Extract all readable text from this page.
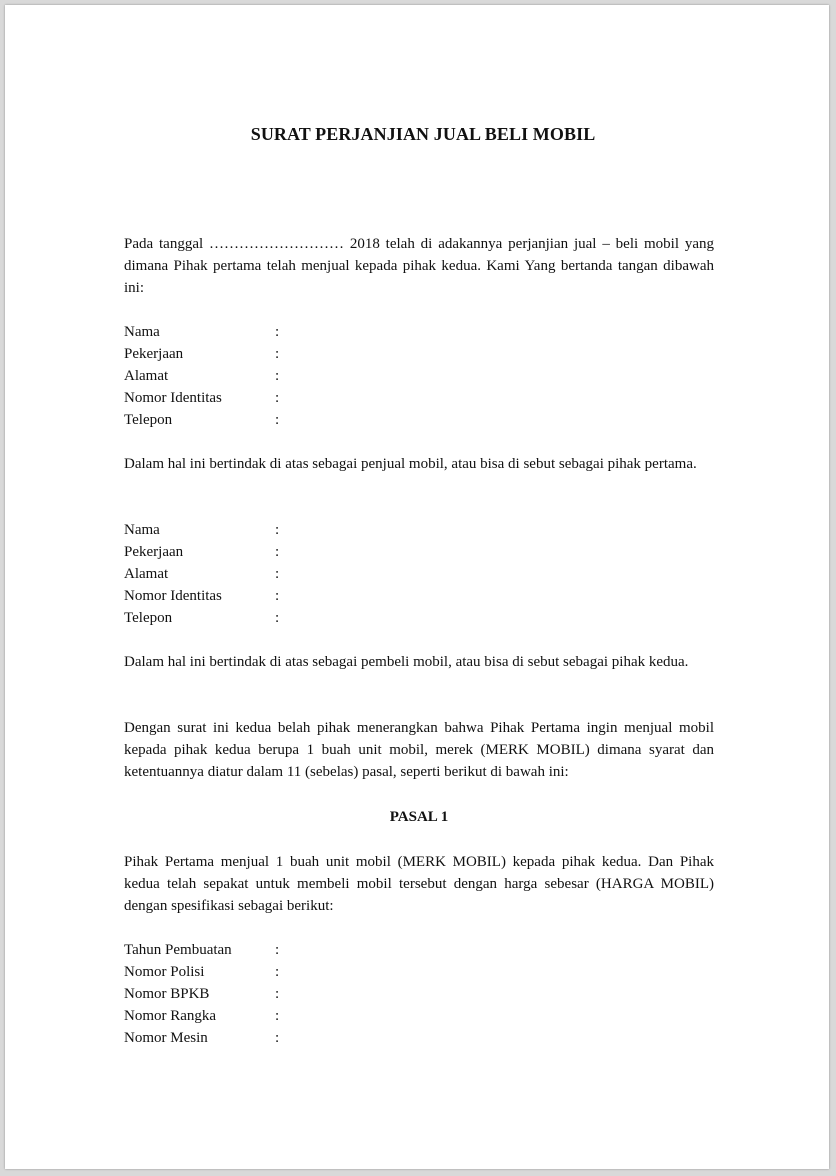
SURAT PERJANJIAN JUAL BELI MOBIL

Pada tanggal ……………………… 2018 telah di adakannya perjanjian jual – beli mobil yang dimana Pihak pertama telah menjual kepada pihak kedua. Kami Yang bertanda tangan dibawah ini:

Nama	:
Pekerjaan	:
Alamat	:
Nomor Identitas	:
Telepon	:

Dalam hal ini bertindak di atas sebagai penjual mobil, atau bisa di sebut sebagai pihak pertama.

Nama	:
Pekerjaan	:
Alamat	:
Nomor Identitas	:
Telepon	:

Dalam hal ini bertindak di atas sebagai pembeli mobil, atau bisa di sebut sebagai pihak kedua.

Dengan surat ini kedua belah pihak menerangkan bahwa Pihak Pertama ingin menjual mobil kepada pihak kedua berupa 1 buah unit mobil, merek (MERK MOBIL) dimana syarat dan ketentuannya diatur dalam 11 (sebelas) pasal, seperti berikut di bawah ini:

PASAL 1

Pihak Pertama menjual 1 buah unit mobil (MERK MOBIL) kepada pihak kedua. Dan Pihak kedua telah sepakat untuk membeli mobil tersebut dengan harga sebesar (HARGA MOBIL) dengan spesifikasi sebagai berikut:

Tahun Pembuatan	:
Nomor Polisi	:
Nomor BPKB	:
Nomor Rangka	:
Nomor Mesin	:
